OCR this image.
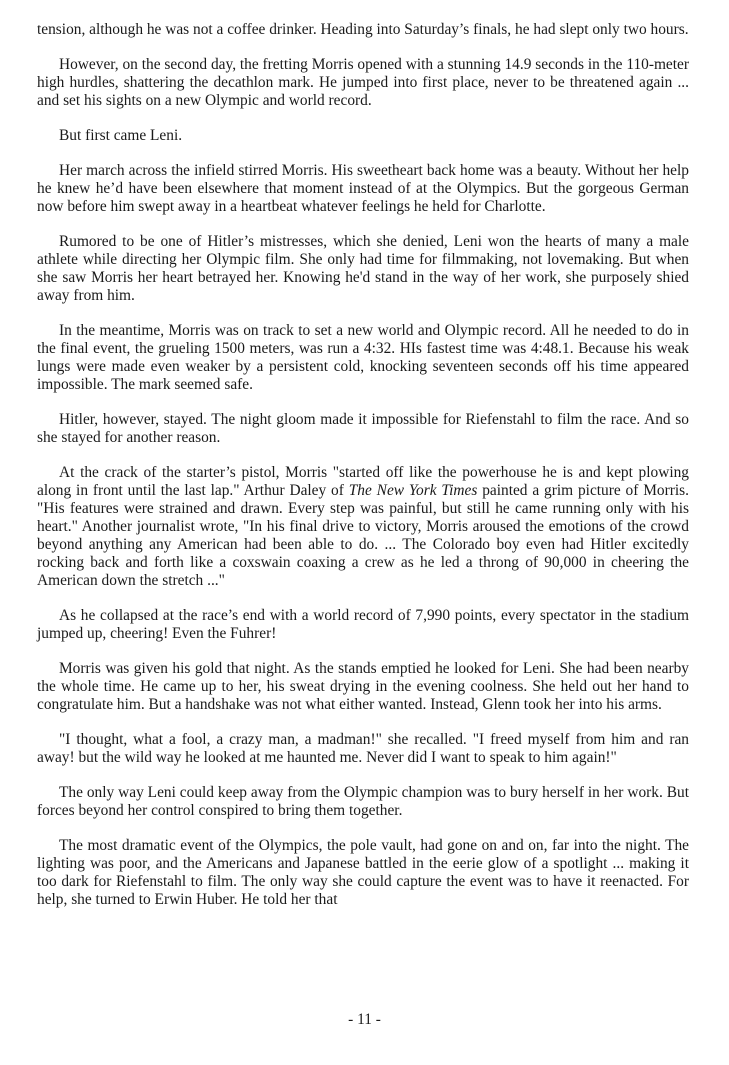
tension, although he was not a coffee drinker. Heading into Saturday’s finals, he had slept only two hours.

However, on the second day, the fretting Morris opened with a stunning 14.9 seconds in the 110-meter high hurdles, shattering the decathlon mark. He jumped into first place, never to be threatened again ... and set his sights on a new Olympic and world record.

But first came Leni.

Her march across the infield stirred Morris. His sweetheart back home was a beauty. Without her help he knew he’d have been elsewhere that moment instead of at the Olympics. But the gorgeous German now before him swept away in a heartbeat whatever feelings he held for Charlotte.

Rumored to be one of Hitler’s mistresses, which she denied, Leni won the hearts of many a male athlete while directing her Olympic film. She only had time for filmmaking, not lovemaking. But when she saw Morris her heart betrayed her. Knowing he'd stand in the way of her work, she purposely shied away from him.

In the meantime, Morris was on track to set a new world and Olympic record. All he needed to do in the final event, the grueling 1500 meters, was run a 4:32. HIs fastest time was 4:48.1. Because his weak lungs were made even weaker by a persistent cold, knocking seventeen seconds off his time appeared impossible. The mark seemed safe.

Hitler, however, stayed. The night gloom made it impossible for Riefenstahl to film the race. And so she stayed for another reason.

At the crack of the starter’s pistol, Morris "started off like the powerhouse he is and kept plowing along in front until the last lap." Arthur Daley of The New York Times painted a grim picture of Morris. "His features were strained and drawn. Every step was painful, but still he came running only with his heart." Another journalist wrote, "In his final drive to victory, Morris aroused the emotions of the crowd beyond anything any American had been able to do. ... The Colorado boy even had Hitler excitedly rocking back and forth like a coxswain coaxing a crew as he led a throng of 90,000 in cheering the American down the stretch ..."

As he collapsed at the race’s end with a world record of 7,990 points, every spectator in the stadium jumped up, cheering! Even the Fuhrer!

Morris was given his gold that night. As the stands emptied he looked for Leni. She had been nearby the whole time. He came up to her, his sweat drying in the evening coolness. She held out her hand to congratulate him. But a handshake was not what either wanted. Instead, Glenn took her into his arms.

"I thought, what a fool, a crazy man, a madman!" she recalled. "I freed myself from him and ran away! but the wild way he looked at me haunted me. Never did I want to speak to him again!"

The only way Leni could keep away from the Olympic champion was to bury herself in her work. But forces beyond her control conspired to bring them together.

The most dramatic event of the Olympics, the pole vault, had gone on and on, far into the night. The lighting was poor, and the Americans and Japanese battled in the eerie glow of a spotlight ... making it too dark for Riefenstahl to film. The only way she could capture the event was to have it reenacted. For help, she turned to Erwin Huber. He told her that

- 11 -
